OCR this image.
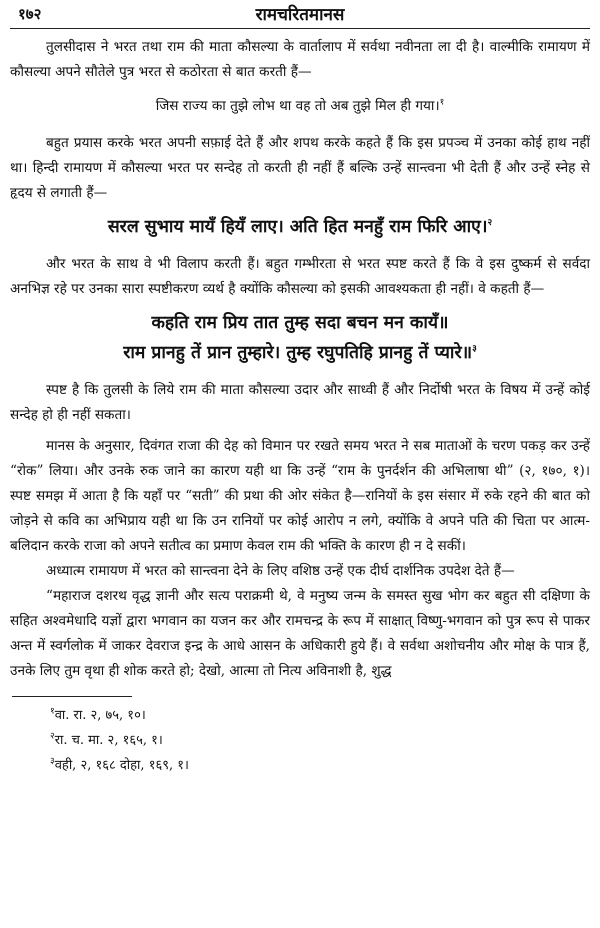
१७२	रामचरितमानस

तुलसीदास ने भरत तथा राम की माता कौसल्या के वार्तालाप में सर्वथा नवीनता ला दी है। वाल्मीकि रामायण में कौसल्या अपने सौतेले पुत्र भरत से कठोरता से बात करती हैं—

जिस राज्य का तुझे लोभ था वह तो अब तुझे मिल ही गया।$^१$

बहुत प्रयास करके भरत अपनी सफ़ाई देते हैं और शपथ करके कहते हैं कि इस प्रपञ्च में उनका कोई हाथ नहीं था। हिन्दी रामायण में कौसल्या भरत पर सन्देह तो करती ही नहीं हैं बल्कि उन्हें सान्त्वना भी देती हैं और उन्हें स्नेह से हृदय से लगाती हैं—

सरल सुभाय मायँ हियँ लाए। अति हित मनहुँ राम फिरि आए।$^२$

और भरत के साथ वे भी विलाप करती हैं। बहुत गम्भीरता से भरत स्पष्ट करते हैं कि वे इस दुष्कर्म से सर्वदा अनभिज्ञ रहे पर उनका सारा स्पष्टीकरण व्यर्थ है क्योंकि कौसल्या को इसकी आवश्यकता ही नहीं। वे कहती हैं—

कहति राम प्रिय तात तुम्ह सदा बचन मन कायँ॥
राम प्रानहु तें प्रान तुम्हारे। तुम्ह रघुपतिहि प्रानहु तें प्यारे॥$^३$

स्पष्ट है कि तुलसी के लिये राम की माता कौसल्या उदार और साध्वी हैं और निर्दोषी भरत के विषय में उन्हें कोई सन्देह हो ही नहीं सकता।

मानस के अनुसार, दिवंगत राजा की देह को विमान पर रखते समय भरत ने सब माताओं के चरण पकड़ कर उन्हें “रोक” लिया। और उनके रुक जाने का कारण यही था कि उन्हें “राम के पुनर्दर्शन की अभिलाषा थी” (२, १७०, १)। स्पष्ट समझ में आता है कि यहाँ पर “सती” की प्रथा की ओर संकेत है—रानियों के इस संसार में रुके रहने की बात को जोड़ने से कवि का अभिप्राय यही था कि उन रानियों पर कोई आरोप न लगे, क्योंकि वे अपने पति की चिता पर आत्म-बलिदान करके राजा को अपने सतीत्व का प्रमाण केवल राम की भक्ति के कारण ही न दे सकीं।

अध्यात्म रामायण में भरत को सान्त्वना देने के लिए वशिष्ठ उन्हें एक दीर्घ दार्शनिक उपदेश देते हैं—

“महाराज दशरथ वृद्ध ज्ञानी और सत्य पराक्रमी थे, वे मनुष्य जन्म के समस्त सुख भोग कर बहुत सी दक्षिणा के सहित अश्वमेधादि यज्ञों द्वारा भगवान का यजन कर और रामचन्द्र के रूप में साक्षात् विष्णु-भगवान को पुत्र रूप से पाकर अन्त में स्वर्गलोक में जाकर देवराज इन्द्र के आधे आसन के अधिकारी हुये हैं। वे सर्वथा अशोचनीय और मोक्ष के पात्र हैं, उनके लिए तुम वृथा ही शोक करते हो; देखो, आत्मा तो नित्य अविनाशी है, शुद्ध

$^१$वा. रा. २, ७५, १०।
$^२$रा. च. मा. २, १६५, १।
$^३$वही, २, १६८ दोहा, १६९, १।
